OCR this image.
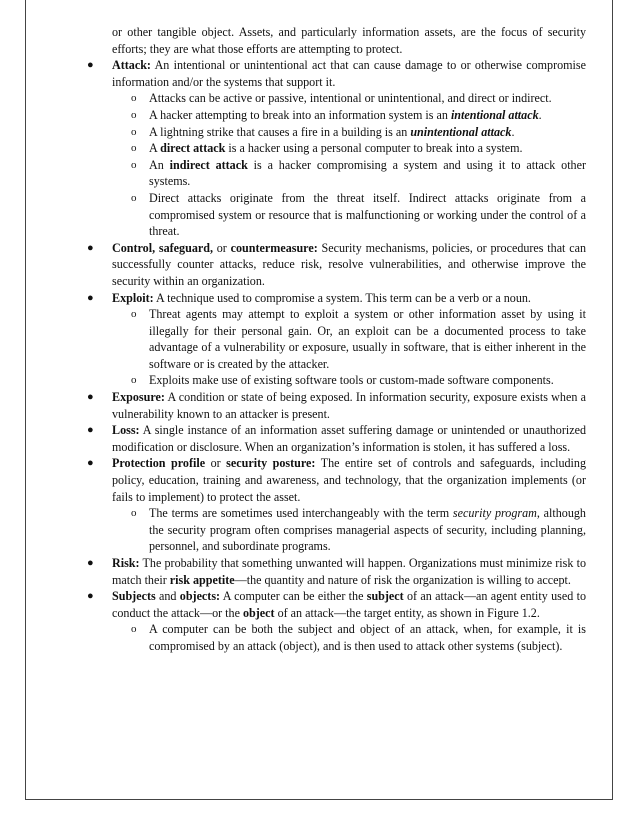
or other tangible object. Assets, and particularly information assets, are the focus of security efforts; they are what those efforts are attempting to protect.

● Attack: An intentional or unintentional act that can cause damage to or otherwise compromise information and/or the systems that support it.

o Attacks can be active or passive, intentional or unintentional, and direct or indirect.

o A hacker attempting to break into an information system is an intentional attack.

o A lightning strike that causes a fire in a building is an unintentional attack.

o A direct attack is a hacker using a personal computer to break into a system.

o An indirect attack is a hacker compromising a system and using it to attack other systems.

o Direct attacks originate from the threat itself. Indirect attacks originate from a compromised system or resource that is malfunctioning or working under the control of a threat.

● Control, safeguard, or countermeasure: Security mechanisms, policies, or procedures that can successfully counter attacks, reduce risk, resolve vulnerabilities, and otherwise improve the security within an organization.

● Exploit: A technique used to compromise a system. This term can be a verb or a noun.

o Threat agents may attempt to exploit a system or other information asset by using it illegally for their personal gain. Or, an exploit can be a documented process to take advantage of a vulnerability or exposure, usually in software, that is either inherent in the software or is created by the attacker.

o Exploits make use of existing software tools or custom-made software components.

● Exposure: A condition or state of being exposed. In information security, exposure exists when a vulnerability known to an attacker is present.

● Loss: A single instance of an information asset suffering damage or unintended or unauthorized modification or disclosure. When an organization’s information is stolen, it has suffered a loss.

● Protection profile or security posture: The entire set of controls and safeguards, including policy, education, training and awareness, and technology, that the organization implements (or fails to implement) to protect the asset.

o The terms are sometimes used interchangeably with the term security program, although the security program often comprises managerial aspects of security, including planning, personnel, and subordinate programs.

● Risk: The probability that something unwanted will happen. Organizations must minimize risk to match their risk appetite—the quantity and nature of risk the organization is willing to accept.

● Subjects and objects: A computer can be either the subject of an attack—an agent entity used to conduct the attack—or the object of an attack—the target entity, as shown in Figure 1.2.

o A computer can be both the subject and object of an attack, when, for example, it is compromised by an attack (object), and is then used to attack other systems (subject).
